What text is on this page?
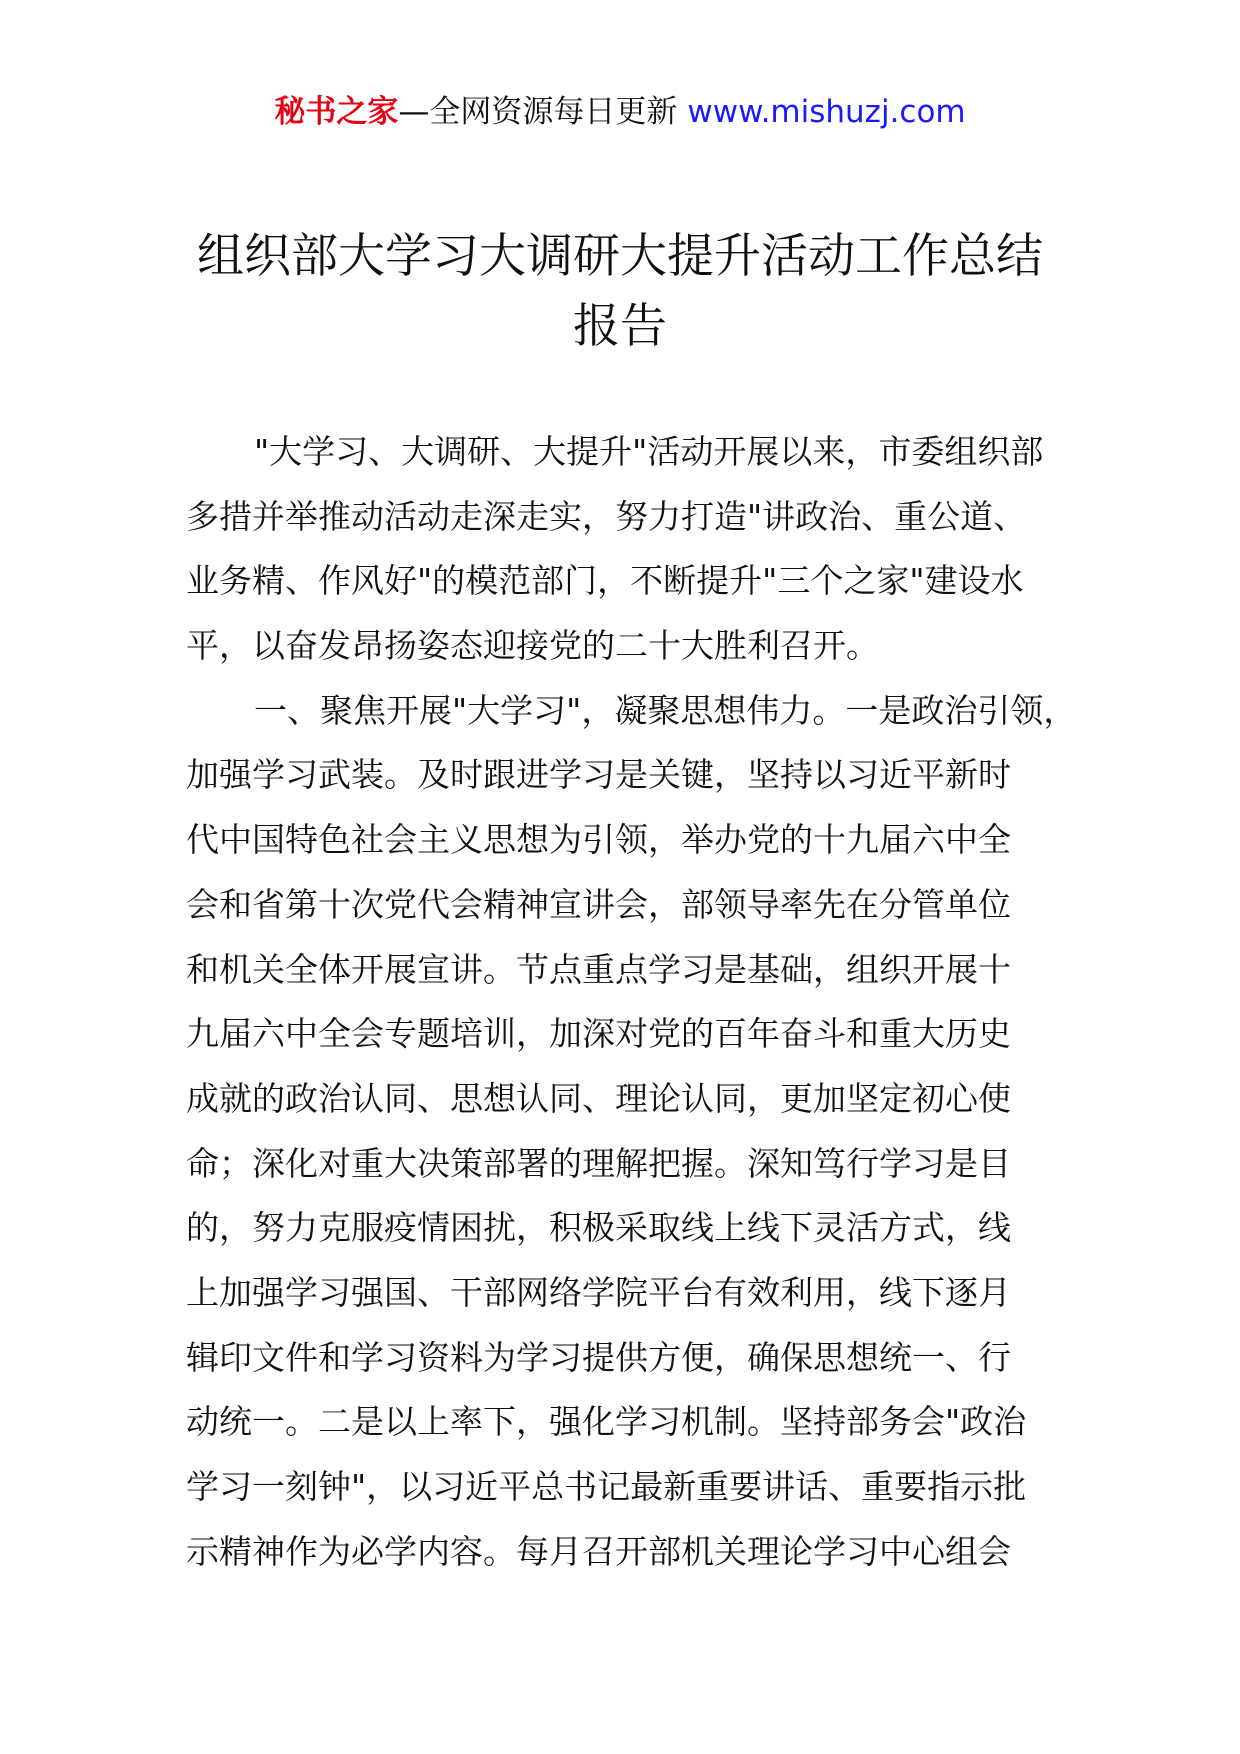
秘书之家—全网资源每日更新 www.mishuzj.com
组织部大学习大调研大提升活动工作总结
报告
"大学习、大调研、大提升"活动开展以来，市委组织部
多措并举推动活动走深走实，努力打造"讲政治、重公道、
业务精、作风好"的模范部门，不断提升"三个之家"建设水
平，以奋发昂扬姿态迎接党的二十大胜利召开。
一、聚焦开展"大学习"，凝聚思想伟力。一是政治引领，
加强学习武装。及时跟进学习是关键，坚持以习近平新时
代中国特色社会主义思想为引领，举办党的十九届六中全
会和省第十次党代会精神宣讲会，部领导率先在分管单位
和机关全体开展宣讲。节点重点学习是基础，组织开展十
九届六中全会专题培训，加深对党的百年奋斗和重大历史
成就的政治认同、思想认同、理论认同，更加坚定初心使
命；深化对重大决策部署的理解把握。深知笃行学习是目
的，努力克服疫情困扰，积极采取线上线下灵活方式，线
上加强学习强国、干部网络学院平台有效利用，线下逐月
辑印文件和学习资料为学习提供方便，确保思想统一、行
动统一。二是以上率下，强化学习机制。坚持部务会"政治
学习一刻钟"，以习近平总书记最新重要讲话、重要指示批
示精神作为必学内容。每月召开部机关理论学习中心组会
